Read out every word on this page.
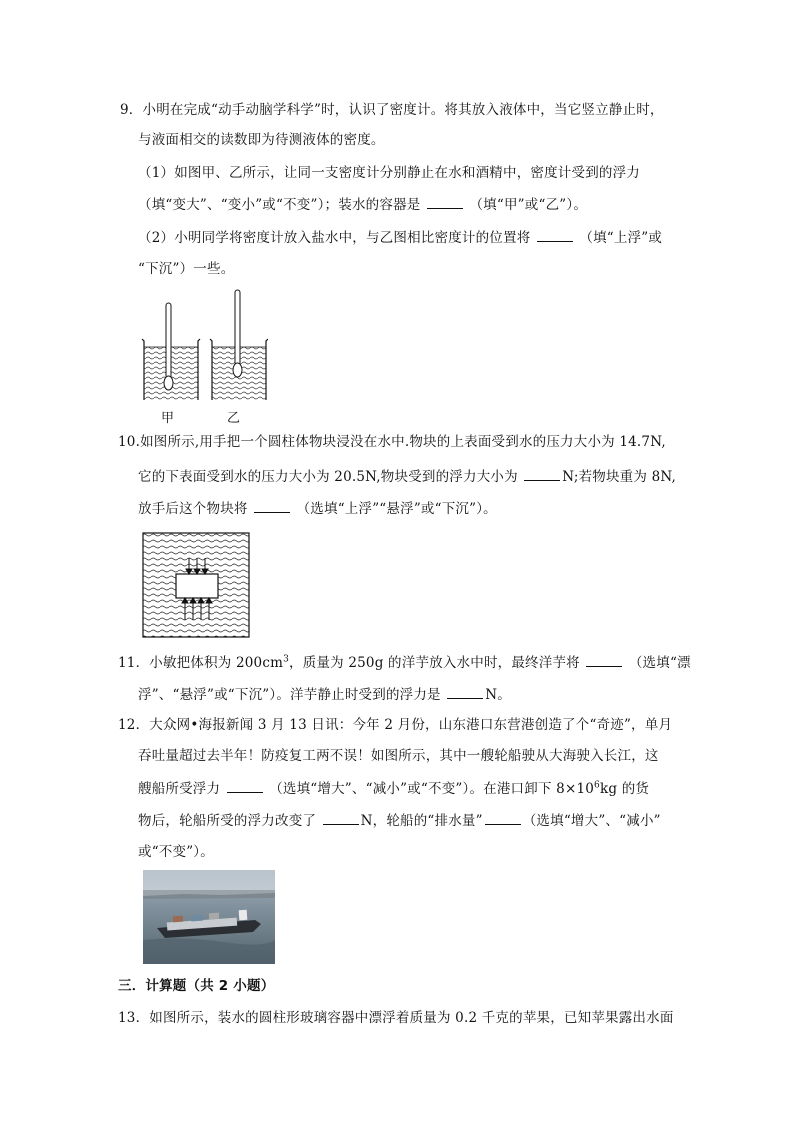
9．小明在完成“动手动脑学科学”时，认识了密度计。将其放入液体中，当它竖立静止时，
与液面相交的读数即为待测液体的密度。
（1）如图甲、乙所示，让同一支密度计分别静止在水和酒精中，密度计受到的浮力
（填“变大”、“变小”或“不变”）；装水的容器是	（填“甲”或“乙”）。
（2）小明同学将密度计放入盐水中，与乙图相比密度计的位置将	（填“上浮”或
“下沉”）一些。
甲	乙
10.如图所示,用手把一个圆柱体物块浸没在水中.物块的上表面受到水的压力大小为 14.7N,
它的下表面受到水的压力大小为 20.5N,物块受到的浮力大小为	N;若物块重为 8N,
放手后这个物块将	（选填“上浮”“悬浮”或“下沉”）。
11．小敏把体积为 $200cm^3$，质量为 250g 的洋芋放入水中时，最终洋芋将	（选填“漂
浮”、“悬浮”或“下沉”）。洋芋静止时受到的浮力是	N。
12．大众网•海报新闻 3 月 13 日讯：今年 2 月份，山东港口东营港创造了个“奇迹”，单月
吞吐量超过去半年！防疫复工两不误！如图所示，其中一艘轮船驶从大海驶入长江，这
艘船所受浮力	（选填“增大”、“减小”或“不变”）。在港口卸下 $8\times 10^6kg$ 的货
物后，轮船所受的浮力改变了	N，轮船的“排水量”	（选填“增大”、“减小”
或“不变”）。
三．计算题（共 2 小题）
13．如图所示，装水的圆柱形玻璃容器中漂浮着质量为 0.2 千克的苹果，已知苹果露出水面
